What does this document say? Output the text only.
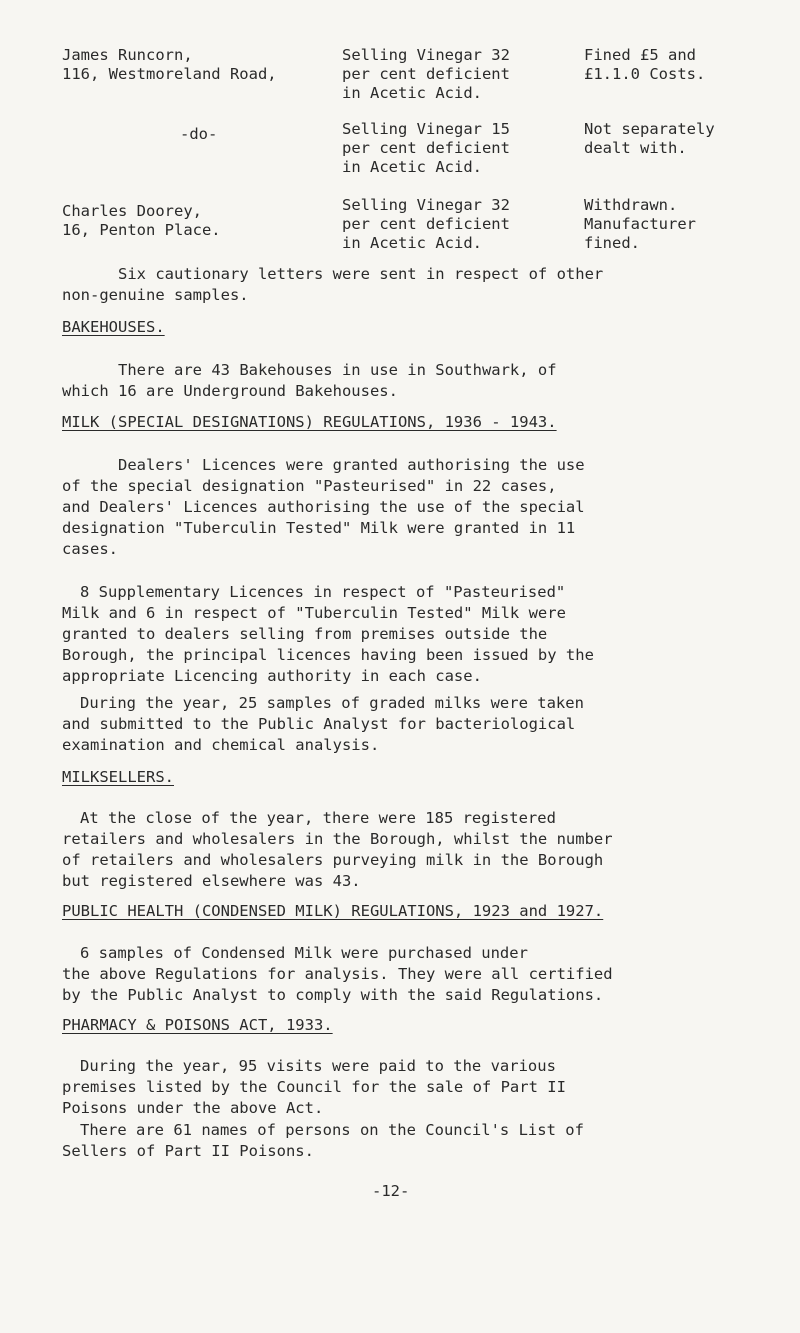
James Runcorn,
116, Westmoreland Road,
Selling Vinegar 32
per cent deficient
in Acetic Acid.
Fined £5 and
£1.1.0 Costs.
-do-	Selling Vinegar 15
per cent deficient
in Acetic Acid.
Not separately
dealt with.
Charles Doorey,
16, Penton Place.
Selling Vinegar 32
per cent deficient
in Acetic Acid.
Withdrawn.
Manufacturer
fined.
Six cautionary letters were sent in respect of other
non-genuine samples.
BAKEHOUSES.
There are 43 Bakehouses in use in Southwark, of
which 16 are Underground Bakehouses.
MILK (SPECIAL DESIGNATIONS) REGULATIONS, 1936 - 1943.
Dealers' Licences were granted authorising the use
of the special designation "Pasteurised" in 22 cases,
and Dealers' Licences authorising the use of the special
designation "Tuberculin Tested" Milk were granted in 11
cases.
8 Supplementary Licences in respect of "Pasteurised"
Milk and 6 in respect of "Tuberculin Tested" Milk were
granted to dealers selling from premises outside the
Borough, the principal licences having been issued by the
appropriate Licencing authority in each case.
During the year, 25 samples of graded milks were taken
and submitted to the Public Analyst for bacteriological
examination and chemical analysis.
MILKSELLERS.
At the close of the year, there were 185 registered
retailers and wholesalers in the Borough, whilst the number
of retailers and wholesalers purveying milk in the Borough
but registered elsewhere was 43.
PUBLIC HEALTH (CONDENSED MILK) REGULATIONS, 1923 and 1927.
6 samples of Condensed Milk were purchased under
the above Regulations for analysis. They were all certified
by the Public Analyst to comply with the said Regulations.
PHARMACY & POISONS ACT, 1933.
During the year, 95 visits were paid to the various
premises listed by the Council for the sale of Part II
Poisons under the above Act.
There are 61 names of persons on the Council's List of
Sellers of Part II Poisons.
-12-
